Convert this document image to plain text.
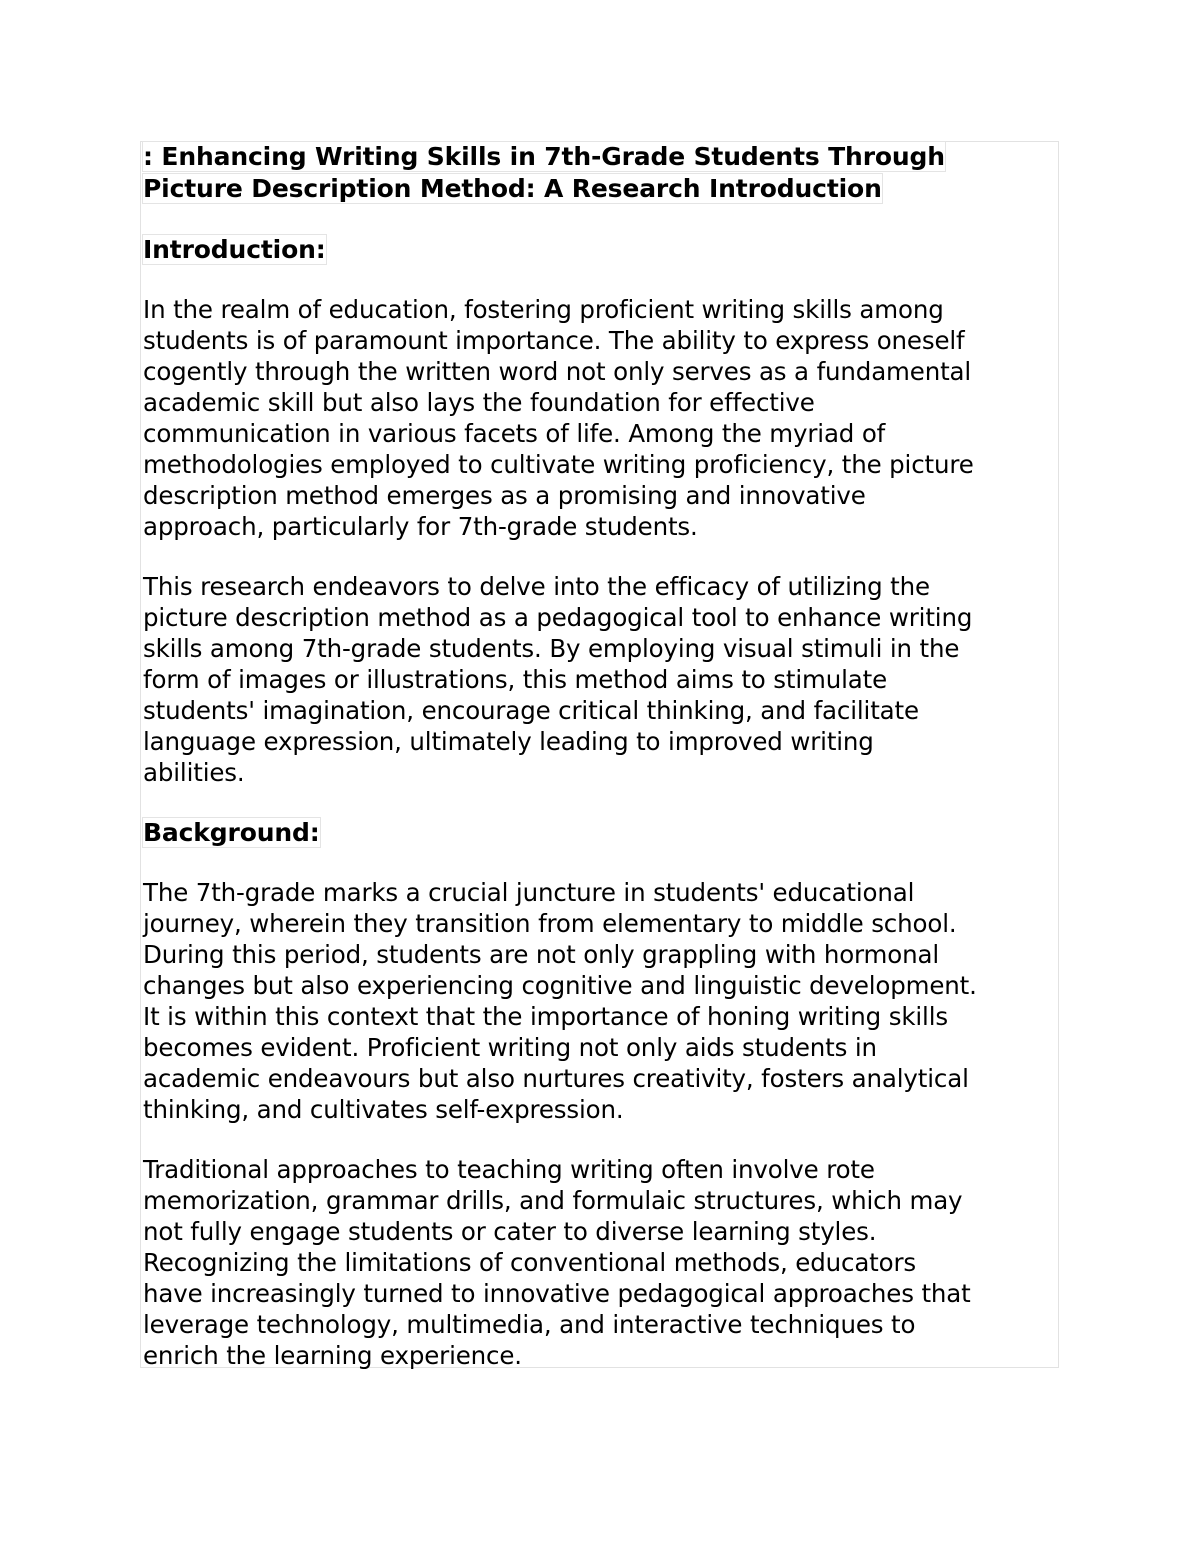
: Enhancing Writing Skills in 7th-Grade Students Through
Picture Description Method: A Research Introduction
Introduction:
In the realm of education, fostering proficient writing skills among
students is of paramount importance. The ability to express oneself
cogently through the written word not only serves as a fundamental
academic skill but also lays the foundation for effective
communication in various facets of life. Among the myriad of
methodologies employed to cultivate writing proficiency, the picture
description method emerges as a promising and innovative
approach, particularly for 7th-grade students.
This research endeavors to delve into the efficacy of utilizing the
picture description method as a pedagogical tool to enhance writing
skills among 7th-grade students. By employing visual stimuli in the
form of images or illustrations, this method aims to stimulate
students' imagination, encourage critical thinking, and facilitate
language expression, ultimately leading to improved writing
abilities.
Background:
The 7th-grade marks a crucial juncture in students' educational
journey, wherein they transition from elementary to middle school.
During this period, students are not only grappling with hormonal
changes but also experiencing cognitive and linguistic development.
It is within this context that the importance of honing writing skills
becomes evident. Proficient writing not only aids students in
academic endeavours but also nurtures creativity, fosters analytical
thinking, and cultivates self-expression.
Traditional approaches to teaching writing often involve rote
memorization, grammar drills, and formulaic structures, which may
not fully engage students or cater to diverse learning styles.
Recognizing the limitations of conventional methods, educators
have increasingly turned to innovative pedagogical approaches that
leverage technology, multimedia, and interactive techniques to
enrich the learning experience.
